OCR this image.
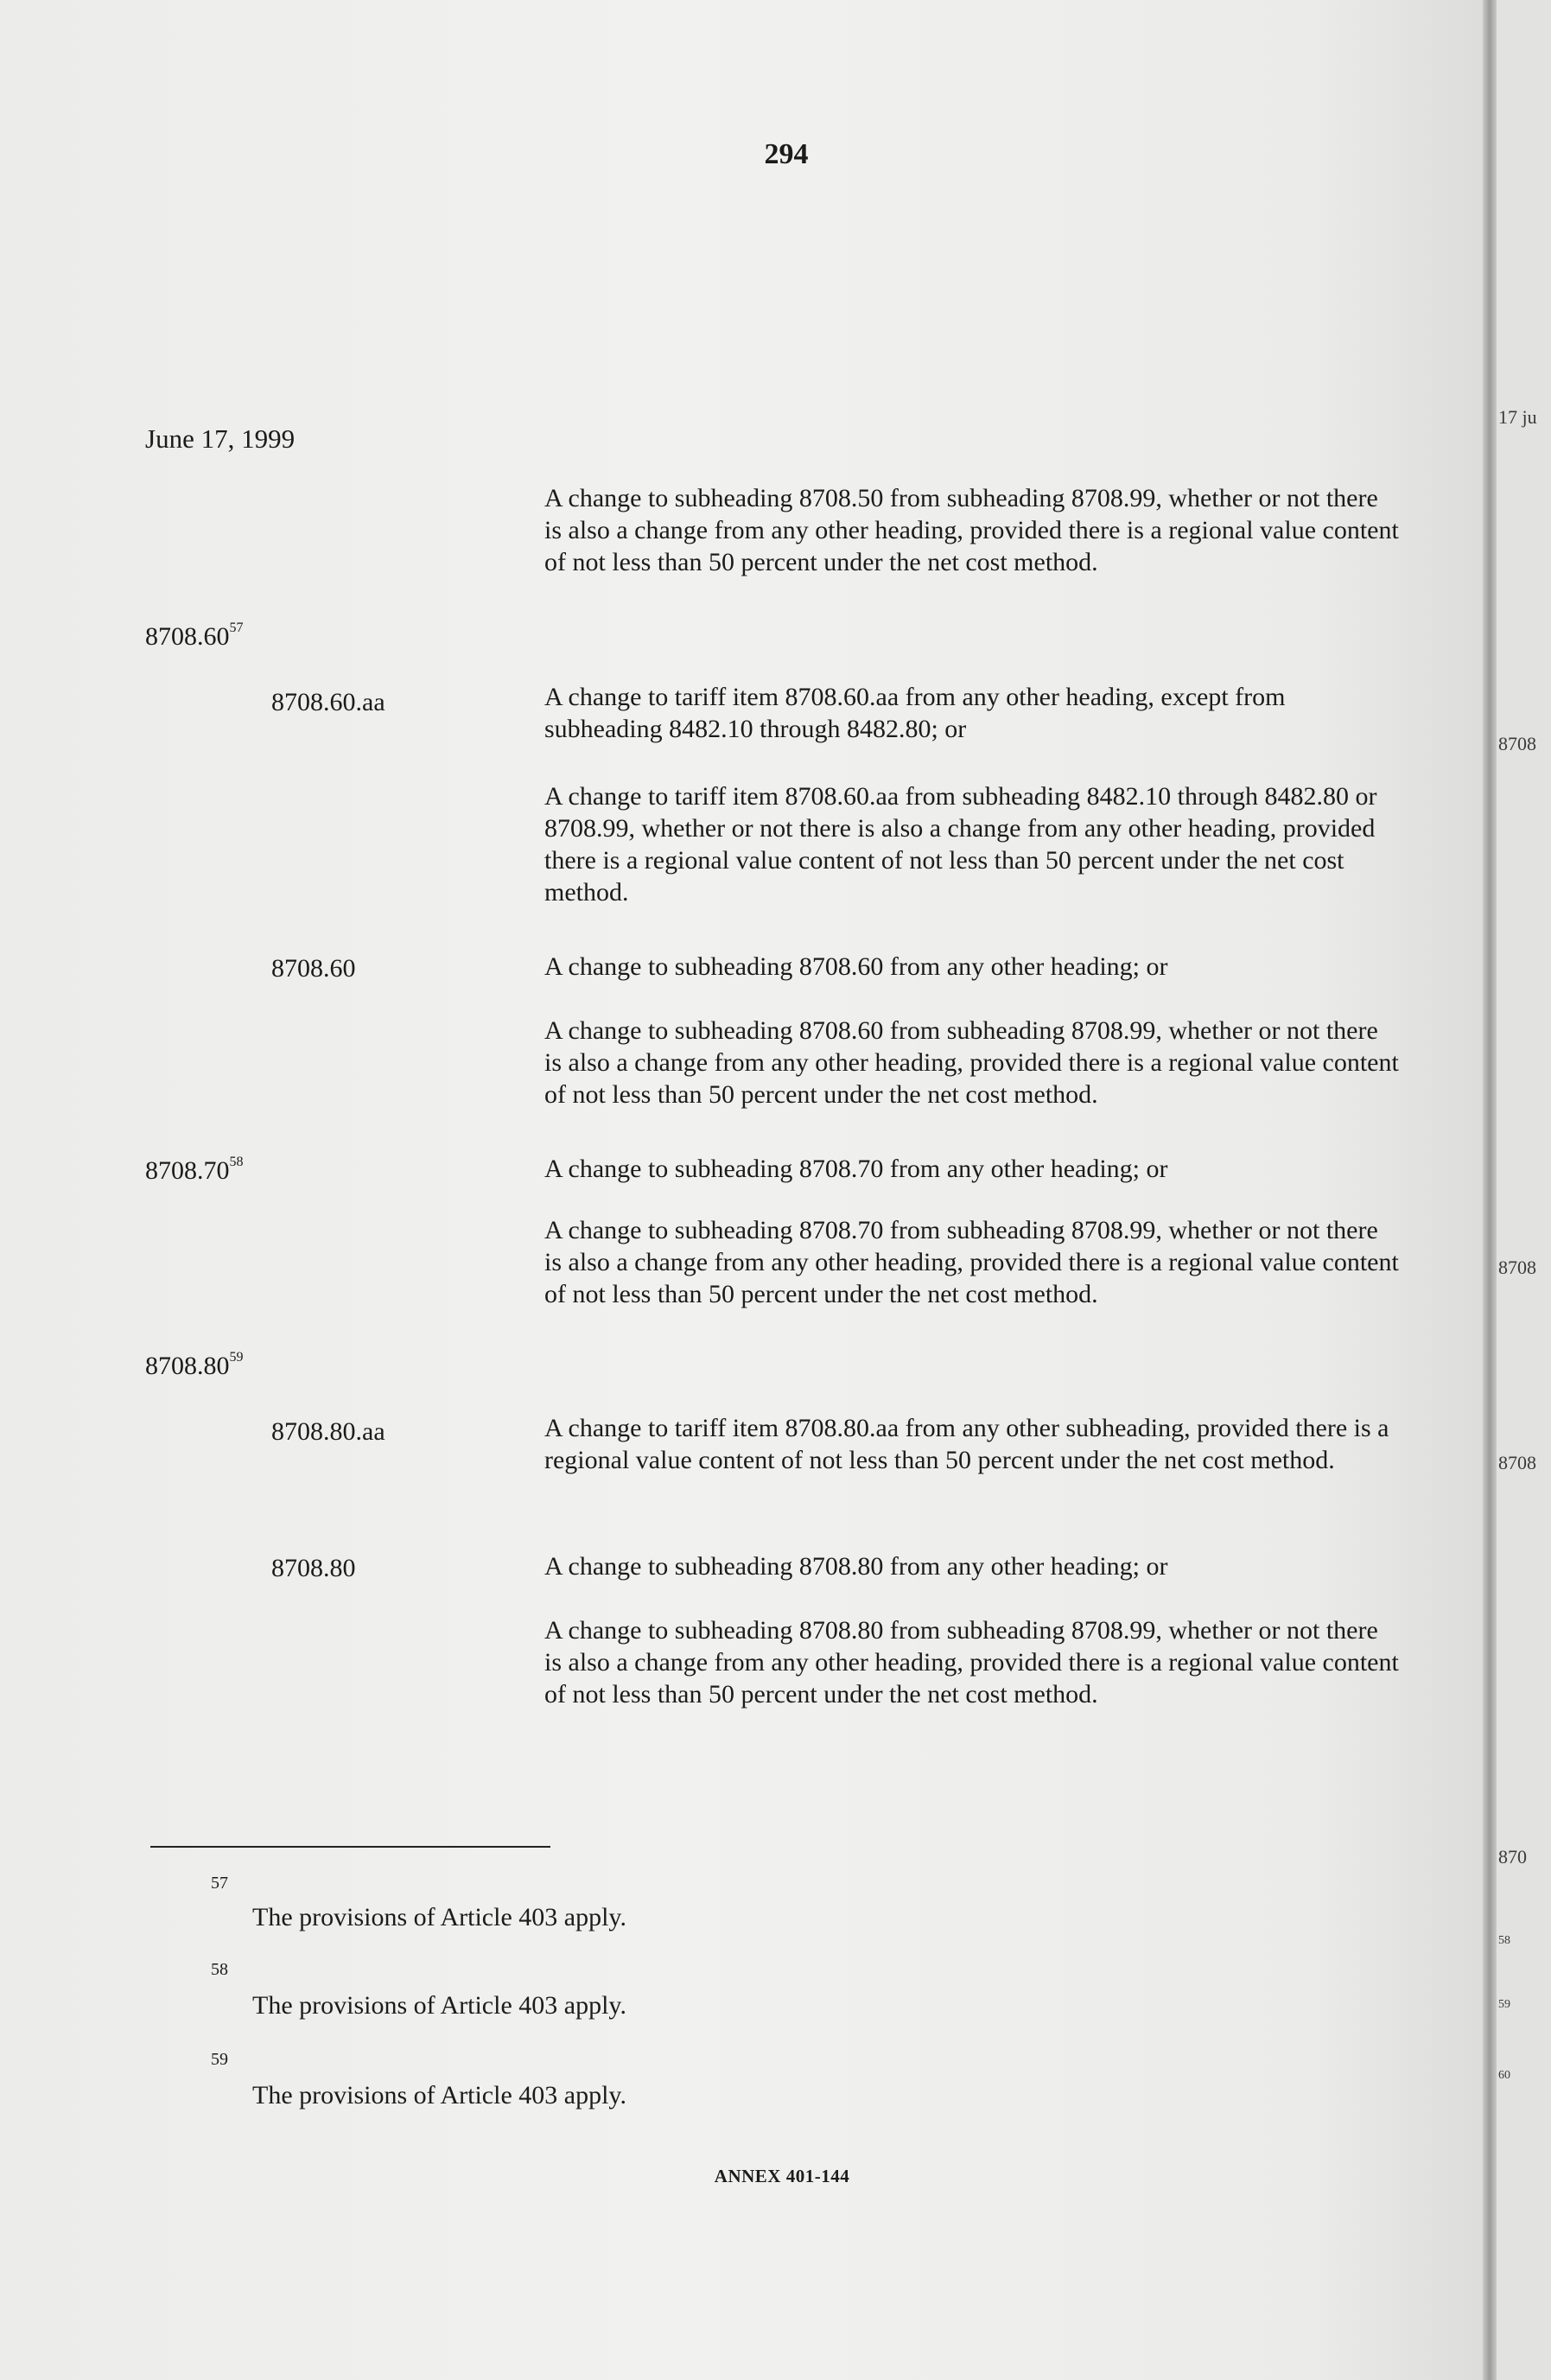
294
June 17, 1999

A change to subheading 8708.50 from subheading 8708.99, whether or not there is also a change from any other heading, provided there is a regional value content of not less than 50 percent under the net cost method.

8708.60$^{57}$
8708.60.aa	A change to tariff item 8708.60.aa from any other heading, except from subheading 8482.10 through 8482.80; or

A change to tariff item 8708.60.aa from subheading 8482.10 through 8482.80 or 8708.99, whether or not there is also a change from any other heading, provided there is a regional value content of not less than 50 percent under the net cost method.

8708.60	A change to subheading 8708.60 from any other heading; or

A change to subheading 8708.60 from subheading 8708.99, whether or not there is also a change from any other heading, provided there is a regional value content of not less than 50 percent under the net cost method.

8708.70$^{58}$	A change to subheading 8708.70 from any other heading; or

A change to subheading 8708.70 from subheading 8708.99, whether or not there is also a change from any other heading, provided there is a regional value content of not less than 50 percent under the net cost method.

8708.80$^{59}$
8708.80.aa	A change to tariff item 8708.80.aa from any other subheading, provided there is a regional value content of not less than 50 percent under the net cost method.

8708.80	A change to subheading 8708.80 from any other heading; or

A change to subheading 8708.80 from subheading 8708.99, whether or not there is also a change from any other heading, provided there is a regional value content of not less than 50 percent under the net cost method.

57
The provisions of Article 403 apply.
58
The provisions of Article 403 apply.
59
The provisions of Article 403 apply.
ANNEX 401-144
17 ju
8708
8708
8708
870
58
59
60
